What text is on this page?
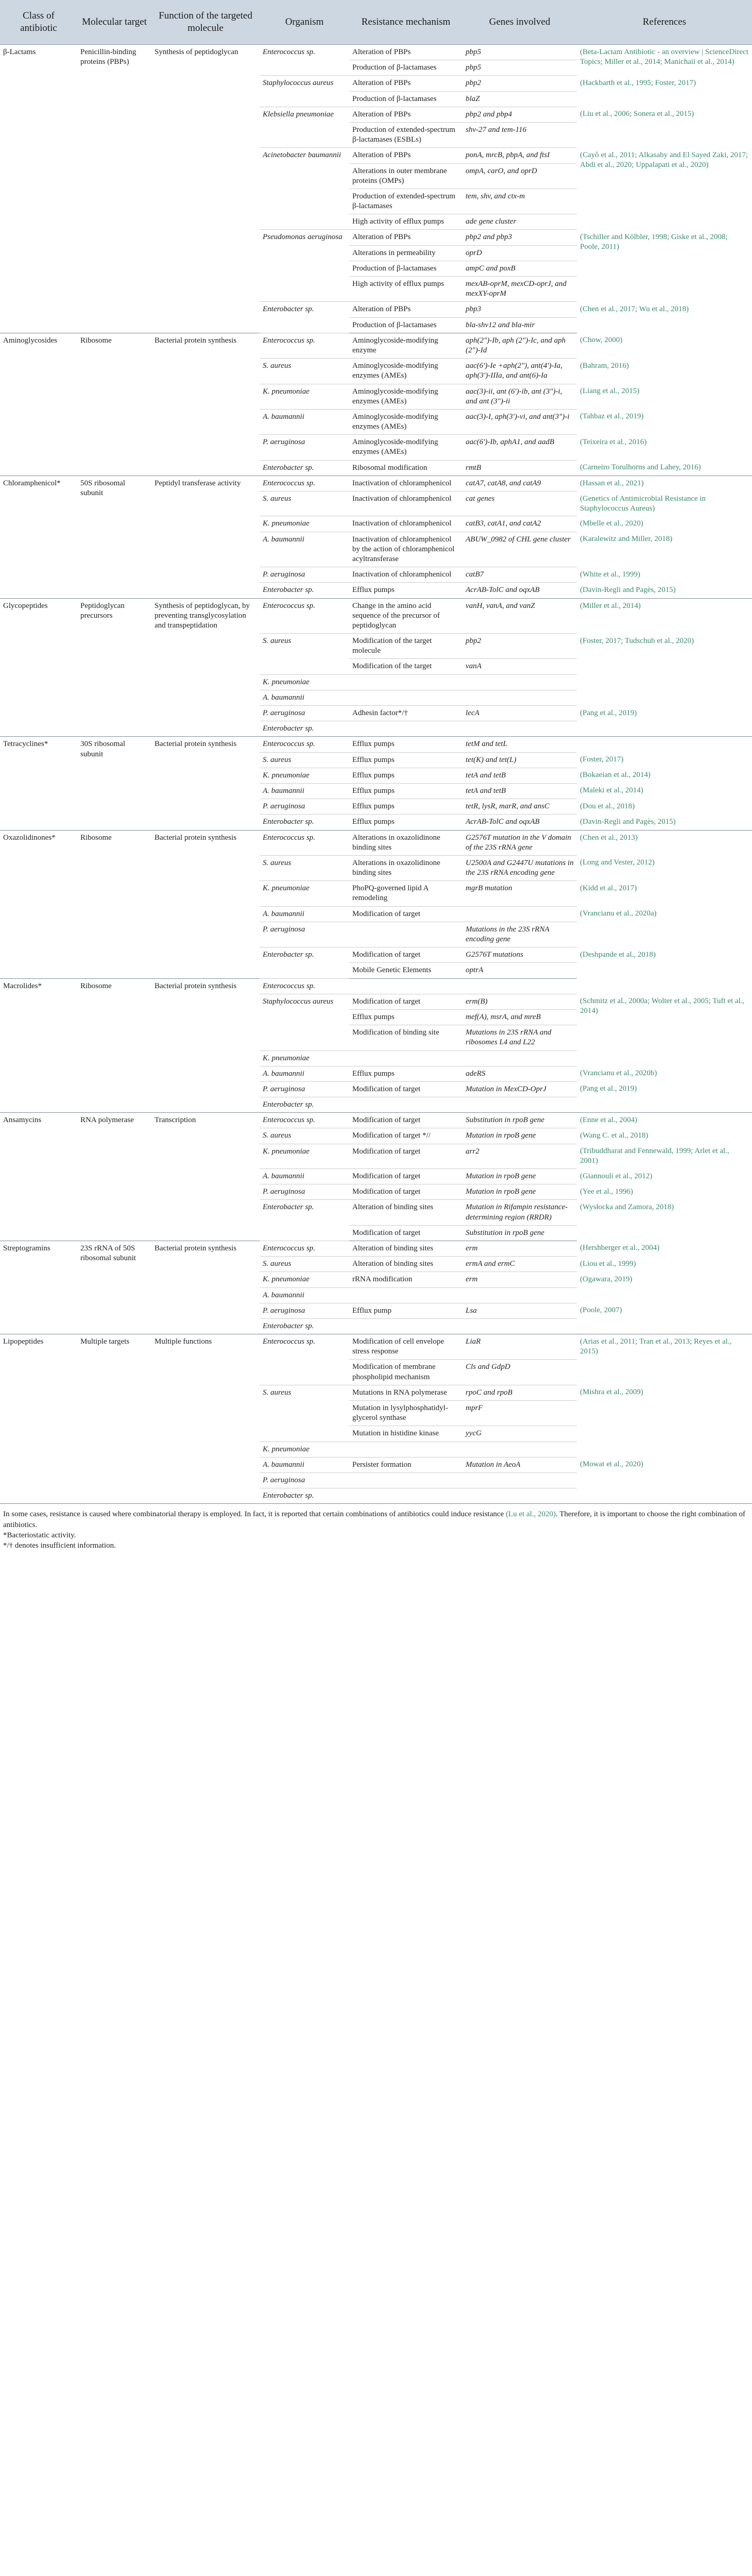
Class of antibiotic	Molecular target	Function of the targeted molecule	Organism	Resistance mechanism	Genes involved	References
β-Lactams	Penicillin-binding proteins (PBPs)	Synthesis of peptidoglycan	Enterococcus sp.	Alteration of PBPs	pbp5	(Beta-Lactam Antibiotic - an overview | ScienceDirect Topics; Miller et al., 2014; Manichaii et al., 2014)
				Production of β-lactamases	pbp5	
			Staphylococcus aureus	Alteration of PBPs	pbp2	(Hackbarth et al., 1995; Foster, 2017)
				Production of β-lactamases	blaZ	
			Klebsiella pneumoniae	Alteration of PBPs	pbp2 and pbp4	(Liu et al., 2006; Sonera et al., 2015)
				Production of extended-spectrum β-lactamases (ESBLs)	shv-27 and tem-116	
			Acinetobacter baumannii	Alteration of PBPs	ponA, mrcB, pbpA, and ftsI	(Cayô et al., 2011; Alkasaby and El Sayed Zaki, 2017; Abdi et al., 2020; Uppalapati et al., 2020)
				Alterations in outer membrane proteins (OMPs)	ompA, carO, and oprD	
				Production of extended-spectrum β-lactamases	tem, shv, and ctx-m	
				High activity of efflux pumps	ade gene cluster	
			Pseudomonas aeruginosa	Alteration of PBPs	pbp2 and pbp3	(Tschiller and Kölbler, 1998; Giske et al., 2008; Poole, 2011)
				Alterations in permeability	oprD	
				Production of β-lactamases	ampC and poxB	
				High activity of efflux pumps	mexAB-oprM, mexCD-oprJ, and mexXY-oprM	
			Enterobacter sp.	Alteration of PBPs	pbp3	(Chen et al., 2017; Wu et al., 2018)
				Production of β-lactamases	bla-shv12 and bla-mir	
Aminoglycosides	Ribosome	Bacterial protein synthesis	Enterococcus sp.	Aminoglycoside-modifying enzyme	aph(2″)-Ib, aph (2″)-Ic, and aph (2″)-Id	(Chow, 2000)
			S. aureus	Aminoglycoside-modifying enzymes (AMEs)	aac(6′)-Ie +aph(2″), ant(4′)-Ia, aph(3′)-IIIa, and ant(6)-Ia	(Bahram, 2016)
			K. pneumoniae	Aminoglycoside-modifying enzymes (AMEs)	aac(3)-ii, ant (6′)-ib, ant (3″)-i, and ant (3″)-ii	(Liang et al., 2015)
			A. baumannii	Aminoglycoside-modifying enzymes (AMEs)	aac(3)-I, aph(3′)-vi, and ant(3″)-i	(Tahbaz et al., 2019)
			P. aeruginosa	Aminoglycoside-modifying enzymes (AMEs)	aac(6′)-Ib, aphA1, and aadB	(Teixeira et al., 2016)
			Enterobacter sp.	Ribosomal modification	rmtB	(Carneiro Torulhorns and Lahey, 2016)
Chloramphenicol*	50S ribosomal subunit	Peptidyl transferase activity	Enterococcus sp.	Inactivation of chloramphenicol	catA7, catA8, and catA9	(Hassan et al., 2021)
			S. aureus	Inactivation of chloramphenicol	cat genes	(Genetics of Antimicrobial Resistance in Staphylococcus Aureus)
			K. pneumoniae	Inactivation of chloramphenicol	catB3, catA1, and catA2	(Mbelle et al., 2020)
			A. baumannii	Inactivation of chloramphenicol by the action of chloramphenicol acyltransferase	ABUW_0982 of CHL gene cluster	(Karalewitz and Miller, 2018)
			P. aeruginosa	Inactivation of chloramphenicol	catB7	(White et al., 1999)
			Enterobacter sp.	Efflux pumps	AcrAB-TolC and oqxAB	(Davin-Regli and Pagès, 2015)
Glycopeptides	Peptidoglycan precursors	Synthesis of peptidoglycan, by preventing transglycosylation and transpeptidation	Enterococcus sp.	Change in the amino acid sequence of the precursor of peptidoglycan	vanH, vanA, and vanZ	(Miller et al., 2014)
			S. aureus	Modification of the target molecule	pbp2	(Foster, 2017; Tudschub et al., 2020)
				Modification of the target	vanA	
			K. pneumoniae			
			A. baumannii			
			P. aeruginosa	Adhesin factor*/†	lecA	(Pang et al., 2019)
			Enterobacter sp.			
Tetracyclines*	30S ribosomal subunit	Bacterial protein synthesis	Enterococcus sp.	Efflux pumps	tetM and tetL	
			S. aureus	Efflux pumps	tet(K) and tet(L)	(Foster, 2017)
			K. pneumoniae	Efflux pumps	tetA and tetB	(Bokaeian et al., 2014)
			A. baumannii	Efflux pumps	tetA and tetB	(Maleki et al., 2014)
			P. aeruginosa	Efflux pumps	tetR, lysR, marR, and ansC	(Dou et al., 2018)
			Enterobacter sp.	Efflux pumps	AcrAB-TolC and oqxAB	(Davin-Regli and Pagès, 2015)
Oxazolidinones*	Ribosome	Bacterial protein synthesis	Enterococcus sp.	Alterations in oxazolidinone binding sites	G2576T mutation in the V domain of the 23S rRNA gene	(Chen et al., 2013)
			S. aureus	Alterations in oxazolidinone binding sites	U2500A and G2447U mutations in the 23S rRNA encoding gene	(Long and Vester, 2012)
			K. pneumoniae	PhoPQ-governed lipid A remodeling	mgrB mutation	(Kidd et al., 2017)
			A. baumannii	Modification of target		(Vrancianu et al., 2020a)
			P. aeruginosa		Mutations in the 23S rRNA encoding gene	
			Enterobacter sp.	Modification of target	G2576T mutations	(Deshpande et al., 2018)
				Mobile Genetic Elements	optrA	
Macrolides*	Ribosome	Bacterial protein synthesis	Enterococcus sp.			
			Staphylococcus aureus	Modification of target	erm(B)	(Schmitz et al., 2000a; Wolter et al., 2005; Tuft et al., 2014)
				Efflux pumps	mef(A), msrA, and mreB	
				Modification of binding site	Mutations in 23S rRNA and ribosomes L4 and L22	
			K. pneumoniae			
			A. baumannii	Efflux pumps	adeRS	(Vrancianu et al., 2020b)
			P. aeruginosa	Modification of target	Mutation in MexCD-OprJ	(Pang et al., 2019)
			Enterobacter sp.			
Ansamycins	RNA polymerase	Transcription	Enterococcus sp.	Modification of target	Substitution in rpoB gene	(Enne et al., 2004)
			S. aureus	Modification of target *//	Mutation in rpoB gene	(Wang C. et al., 2018)
			K. pneumoniae	Modification of target	arr2	(Tribuddharat and Fennewald, 1999; Arlet et al., 2001)
			A. baumannii	Modification of target	Mutation in rpoB gene	(Giannouli et al., 2012)
			P. aeruginosa	Modification of target	Mutation in rpoB gene	(Yee et al., 1996)
			Enterobacter sp.	Alteration of binding sites	Mutation in Rifampin resistance-determining region (RRDR)	(Wysłocka and Zamora, 2018)
				Modification of target	Substitution in rpoB gene	
Streptogramins	23S rRNA of 50S ribosomal subunit	Bacterial protein synthesis	Enterococcus sp.	Alteration of binding sites	erm	(Hershberger et al., 2004)
			S. aureus	Alteration of binding sites	ermA and ermC	(Liou et al., 1999)
			K. pneumoniae	rRNA modification	erm	(Ogawara, 2019)
			A. baumannii			
			P. aeruginosa	Efflux pump	Lsa	(Poole, 2007)
			Enterobacter sp.			
Lipopeptides	Multiple targets	Multiple functions	Enterococcus sp.	Modification of cell envelope stress response	LiaR	(Arias et al., 2011; Tran et al., 2013; Reyes et al., 2015)
				Modification of membrane phospholipid mechanism	Cls and GdpD	
			S. aureus	Mutations in RNA polymerase	rpoC and rpoB	(Mishra et al., 2009)
				Mutation in lysylphosphatidyl-glycerol synthase	mprF	
				Mutation in histidine kinase	yycG	
			K. pneumoniae			
			A. baumannii	Persister formation	Mutation in AeoA	(Mowat et al., 2020)
			P. aeruginosa			
			Enterobacter sp.			

In some cases, resistance is caused where combinatorial therapy is employed. In fact, it is reported that certain combinations of antibiotics could induce resistance (Lu et al., 2020). Therefore, it is important to choose the right combination of antibiotics.

*Bacteriostatic activity.

*/† denotes insufficient information.
